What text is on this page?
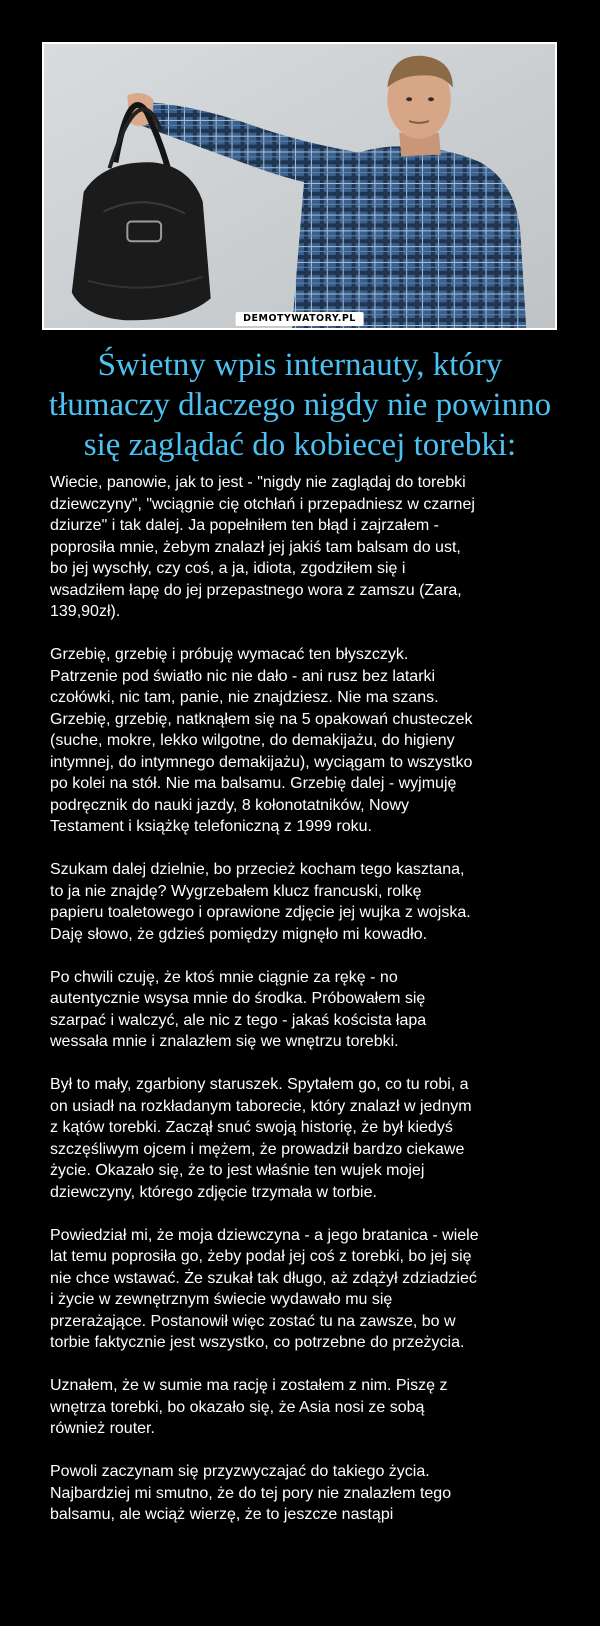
DEMOTYWATORY.PL
Świetny wpis internauty, który
tłumaczy dlaczego nigdy nie powinno
się zaglądać do kobiecej torebki:

Wiecie, panowie, jak to jest - "nigdy nie zaglądaj do torebki
dziewczyny", "wciągnie cię otchłań i przepadniesz w czarnej
dziurze" i tak dalej. Ja popełniłem ten błąd i zajrzałem -
poprosiła mnie, żebym znalazł jej jakiś tam balsam do ust,
bo jej wyschły, czy coś, a ja, idiota, zgodziłem się i
wsadziłem łapę do jej przepastnego wora z zamszu (Zara,
139,90zł).

Grzebię, grzebię i próbuję wymacać ten błyszczyk.
Patrzenie pod światło nic nie dało - ani rusz bez latarki
czołówki, nic tam, panie, nie znajdziesz. Nie ma szans.
Grzebię, grzebię, natknąłem się na 5 opakowań chusteczek
(suche, mokre, lekko wilgotne, do demakijażu, do higieny
intymnej, do intymnego demakijażu), wyciągam to wszystko
po kolei na stół. Nie ma balsamu. Grzebię dalej - wyjmuję
podręcznik do nauki jazdy, 8 kołonotatników, Nowy
Testament i książkę telefoniczną z 1999 roku.

Szukam dalej dzielnie, bo przecież kocham tego kasztana,
to ja nie znajdę? Wygrzebałem klucz francuski, rolkę
papieru toaletowego i oprawione zdjęcie jej wujka z wojska.
Daję słowo, że gdzieś pomiędzy mignęło mi kowadło.

Po chwili czuję, że ktoś mnie ciągnie za rękę - no
autentycznie wsysa mnie do środka. Próbowałem się
szarpać i walczyć, ale nic z tego - jakaś koścista łapa
wessała mnie i znalazłem się we wnętrzu torebki.

Był to mały, zgarbiony staruszek. Spytałem go, co tu robi, a
on usiadł na rozkładanym taborecie, który znalazł w jednym
z kątów torebki. Zaczął snuć swoją historię, że był kiedyś
szczęśliwym ojcem i mężem, że prowadził bardzo ciekawe
życie. Okazało się, że to jest właśnie ten wujek mojej
dziewczyny, którego zdjęcie trzymała w torbie.

Powiedział mi, że moja dziewczyna - a jego bratanica - wiele
lat temu poprosiła go, żeby podał jej coś z torebki, bo jej się
nie chce wstawać. Że szukał tak długo, aż zdążył zdziadzieć
i życie w zewnętrznym świecie wydawało mu się
przerażające. Postanowił więc zostać tu na zawsze, bo w
torbie faktycznie jest wszystko, co potrzebne do przeżycia.

Uznałem, że w sumie ma rację i zostałem z nim. Piszę z
wnętrza torebki, bo okazało się, że Asia nosi ze sobą
również router.

Powoli zaczynam się przyzwyczajać do takiego życia.
Najbardziej mi smutno, że do tej pory nie znalazłem tego
balsamu, ale wciąż wierzę, że to jeszcze nastąpi
